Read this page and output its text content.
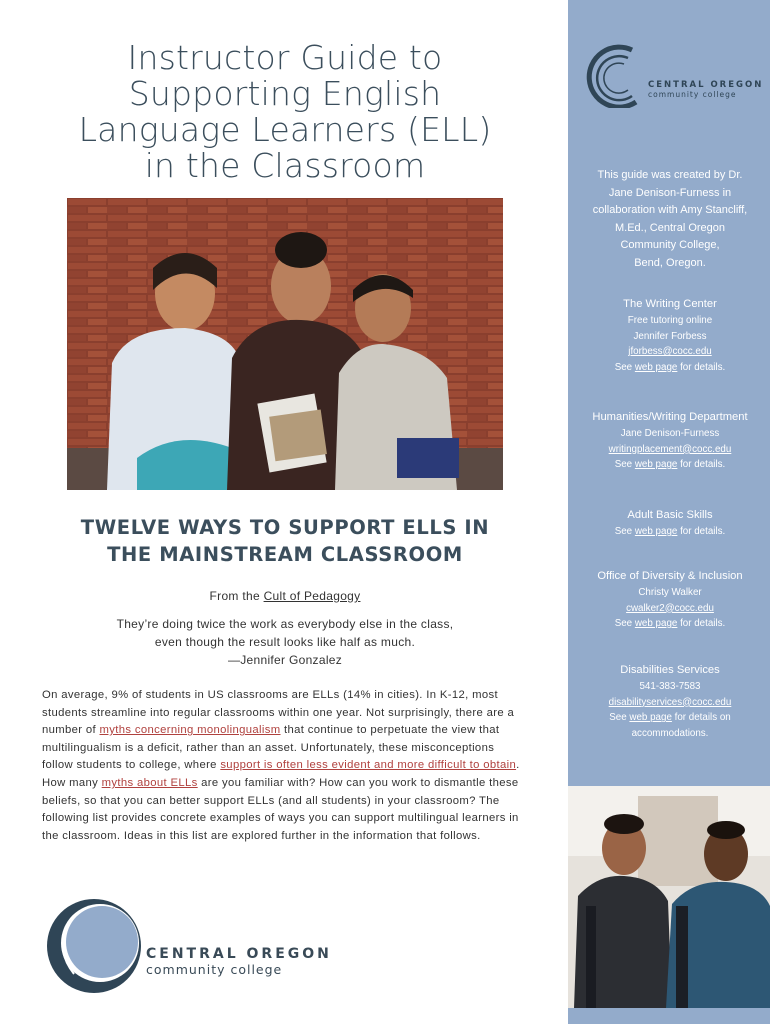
Instructor Guide to
Supporting English
Language Learners (ELL)
in the Classroom
TWELVE WAYS TO SUPPORT ELLS IN
THE MAINSTREAM CLASSROOM
From the Cult of Pedagogy

They’re doing twice the work as everybody else in the class,

even though the result looks like half as much.

—Jennifer Gonzalez

On average, 9% of students in US classrooms are ELLs (14% in cities). In K-12, most students streamline into regular classrooms within one year. Not surprisingly, there are a number of myths concerning monolingualism that continue to perpetuate the view that multilingualism is a deficit, rather than an asset. Unfortunately, these misconceptions follow students to college, where support is often less evident and more difficult to obtain. How many myths about ELLs are you familiar with? How can you work to dismantle these beliefs, so that you can better support ELLs (and all students) in your classroom? The following list provides concrete examples of ways you can support multilingual learners in the classroom. Ideas in this list are explored further in the information that follows.

CENTRAL OREGON
community college
CENTRAL OREGON
community college

This guide was created by Dr.

Jane Denison-Furness in

collaboration with Amy Stancliff,

M.Ed., Central Oregon

Community College,

Bend, Oregon.

The Writing Center

Free tutoring online

Jennifer Forbess

jforbess@cocc.edu

See web page for details.

Humanities/Writing Department

Jane Denison-Furness

writingplacement@cocc.edu

See web page for details.

Adult Basic Skills

See web page for details.

Office of Diversity & Inclusion

Christy Walker

cwalker2@cocc.edu

See web page for details.

Disabilities Services

541-383-7583

disabilityservices@cocc.edu

See web page for details on

accommodations.
